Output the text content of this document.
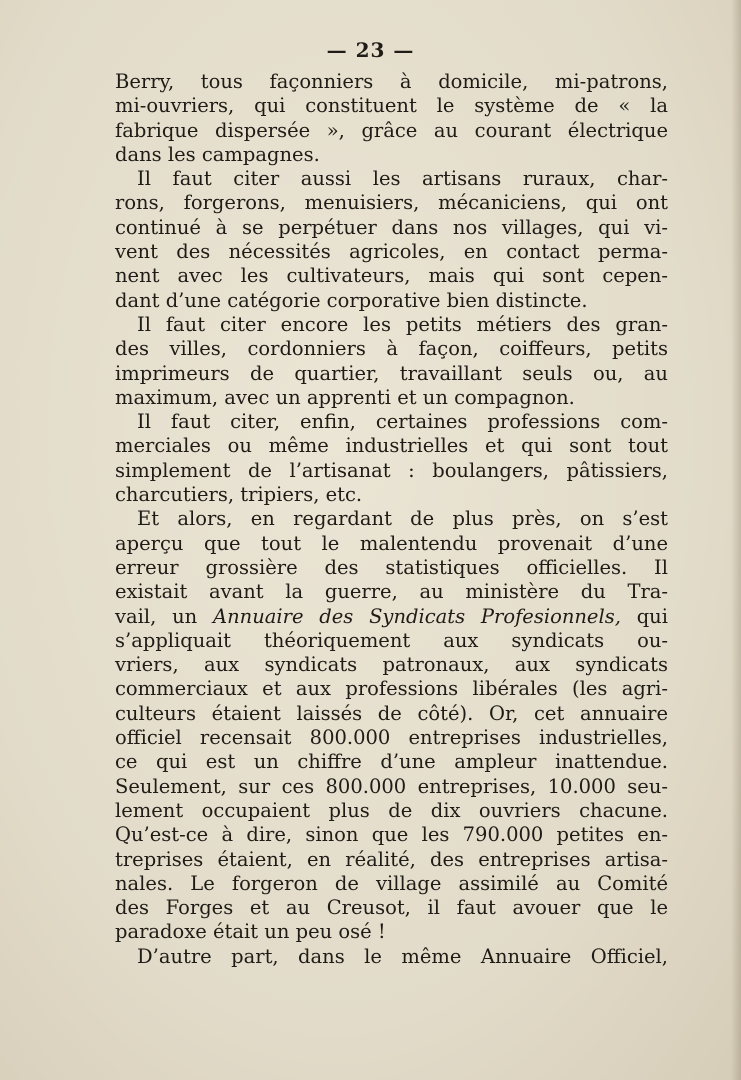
— 23 —
Berry, tous façonniers à domicile, mi-patrons,
mi-ouvriers, qui constituent le système de « la
fabrique dispersée », grâce au courant électrique
dans les campagnes.
Il faut citer aussi les artisans ruraux, char-
rons, forgerons, menuisiers, mécaniciens, qui ont
continué à se perpétuer dans nos villages, qui vi-
vent des nécessités agricoles, en contact perma-
nent avec les cultivateurs, mais qui sont cepen-
dant d’une catégorie corporative bien distincte.
Il faut citer encore les petits métiers des gran-
des villes, cordonniers à façon, coiffeurs, petits
imprimeurs de quartier, travaillant seuls ou, au
maximum, avec un apprenti et un compagnon.
Il faut citer, enfin, certaines professions com-
merciales ou même industrielles et qui sont tout
simplement de l’artisanat : boulangers, pâtissiers,
charcutiers, tripiers, etc.
Et alors, en regardant de plus près, on s’est
aperçu que tout le malentendu provenait d’une
erreur grossière des statistiques officielles. Il
existait avant la guerre, au ministère du Tra-
vail, un Annuaire des Syndicats Profesionnels, qui
s’appliquait théoriquement aux syndicats ou-
vriers, aux syndicats patronaux, aux syndicats
commerciaux et aux professions libérales (les agri-
culteurs étaient laissés de côté). Or, cet annuaire
officiel recensait 800.000 entreprises industrielles,
ce qui est un chiffre d’une ampleur inattendue.
Seulement, sur ces 800.000 entreprises, 10.000 seu-
lement occupaient plus de dix ouvriers chacune.
Qu’est-ce à dire, sinon que les 790.000 petites en-
treprises étaient, en réalité, des entreprises artisa-
nales. Le forgeron de village assimilé au Comité
des Forges et au Creusot, il faut avouer que le
paradoxe était un peu osé !
D’autre part, dans le même Annuaire Officiel,
